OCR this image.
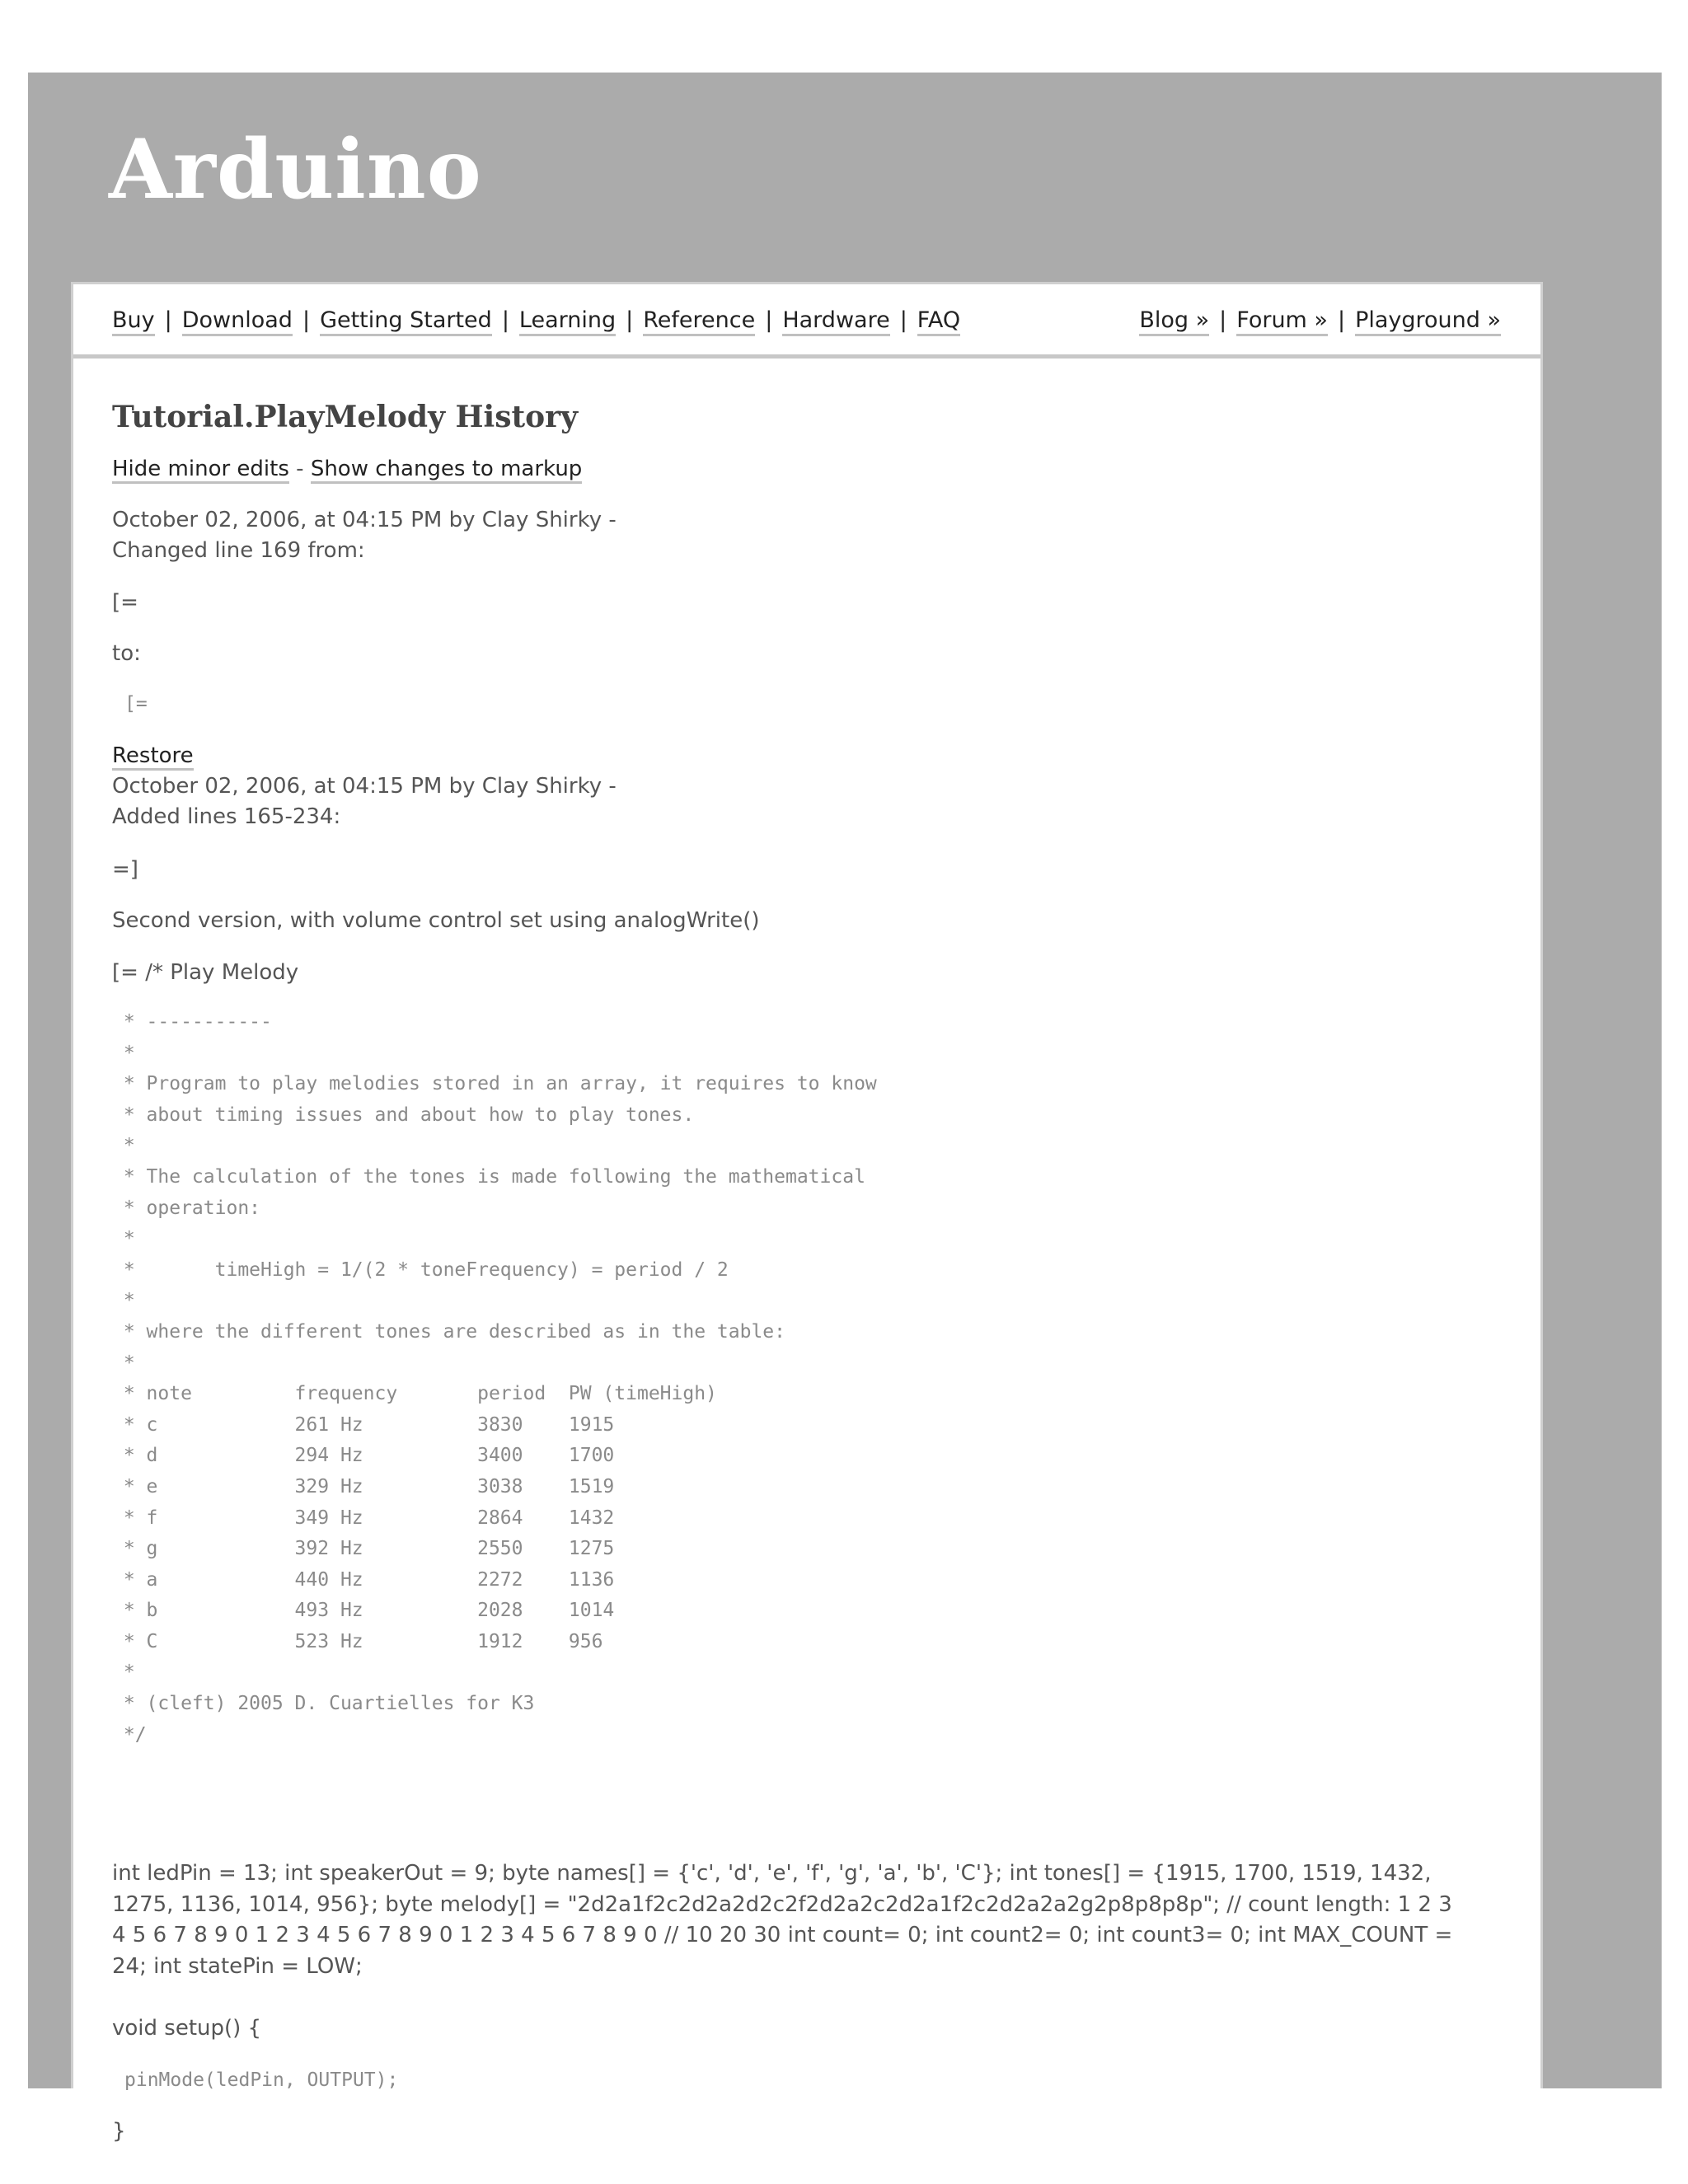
Arduino
Buy | Download | Getting Started | Learning | Reference | Hardware | FAQ	Blog » | Forum » | Playground »
Tutorial.PlayMelody History
Hide minor edits - Show changes to markup
October 02, 2006, at 04:15 PM by Clay Shirky -
Changed line 169 from:
[=
to:
[=
Restore
October 02, 2006, at 04:15 PM by Clay Shirky -
Added lines 165-234:
=]
Second version, with volume control set using analogWrite()
[= /* Play Melody
* -----------
*
* Program to play melodies stored in an array, it requires to know
* about timing issues and about how to play tones.
*
* The calculation of the tones is made following the mathematical
* operation:
*
*       timeHigh = 1/(2 * toneFrequency) = period / 2
*
* where the different tones are described as in the table:
*
* note         frequency       period  PW (timeHigh)
* c            261 Hz          3830    1915
* d            294 Hz          3400    1700
* e            329 Hz          3038    1519
* f            349 Hz          2864    1432
* g            392 Hz          2550    1275
* a            440 Hz          2272    1136
* b            493 Hz          2028    1014
* C            523 Hz          1912    956
*
* (cleft) 2005 D. Cuartielles for K3
*/
int ledPin = 13; int speakerOut = 9; byte names[] = {'c', 'd', 'e', 'f', 'g', 'a', 'b', 'C'}; int tones[] = {1915, 1700, 1519, 1432, 1275, 1136, 1014, 956}; byte melody[] = "2d2a1f2c2d2a2d2c2f2d2a2c2d2a1f2c2d2a2a2g2p8p8p8p"; // count length: 1 2 3 4 5 6 7 8 9 0 1 2 3 4 5 6 7 8 9 0 1 2 3 4 5 6 7 8 9 0 // 10 20 30 int count= 0; int count2= 0; int count3= 0; int MAX_COUNT = 24; int statePin = LOW;
void setup() {
pinMode(ledPin, OUTPUT);
}
